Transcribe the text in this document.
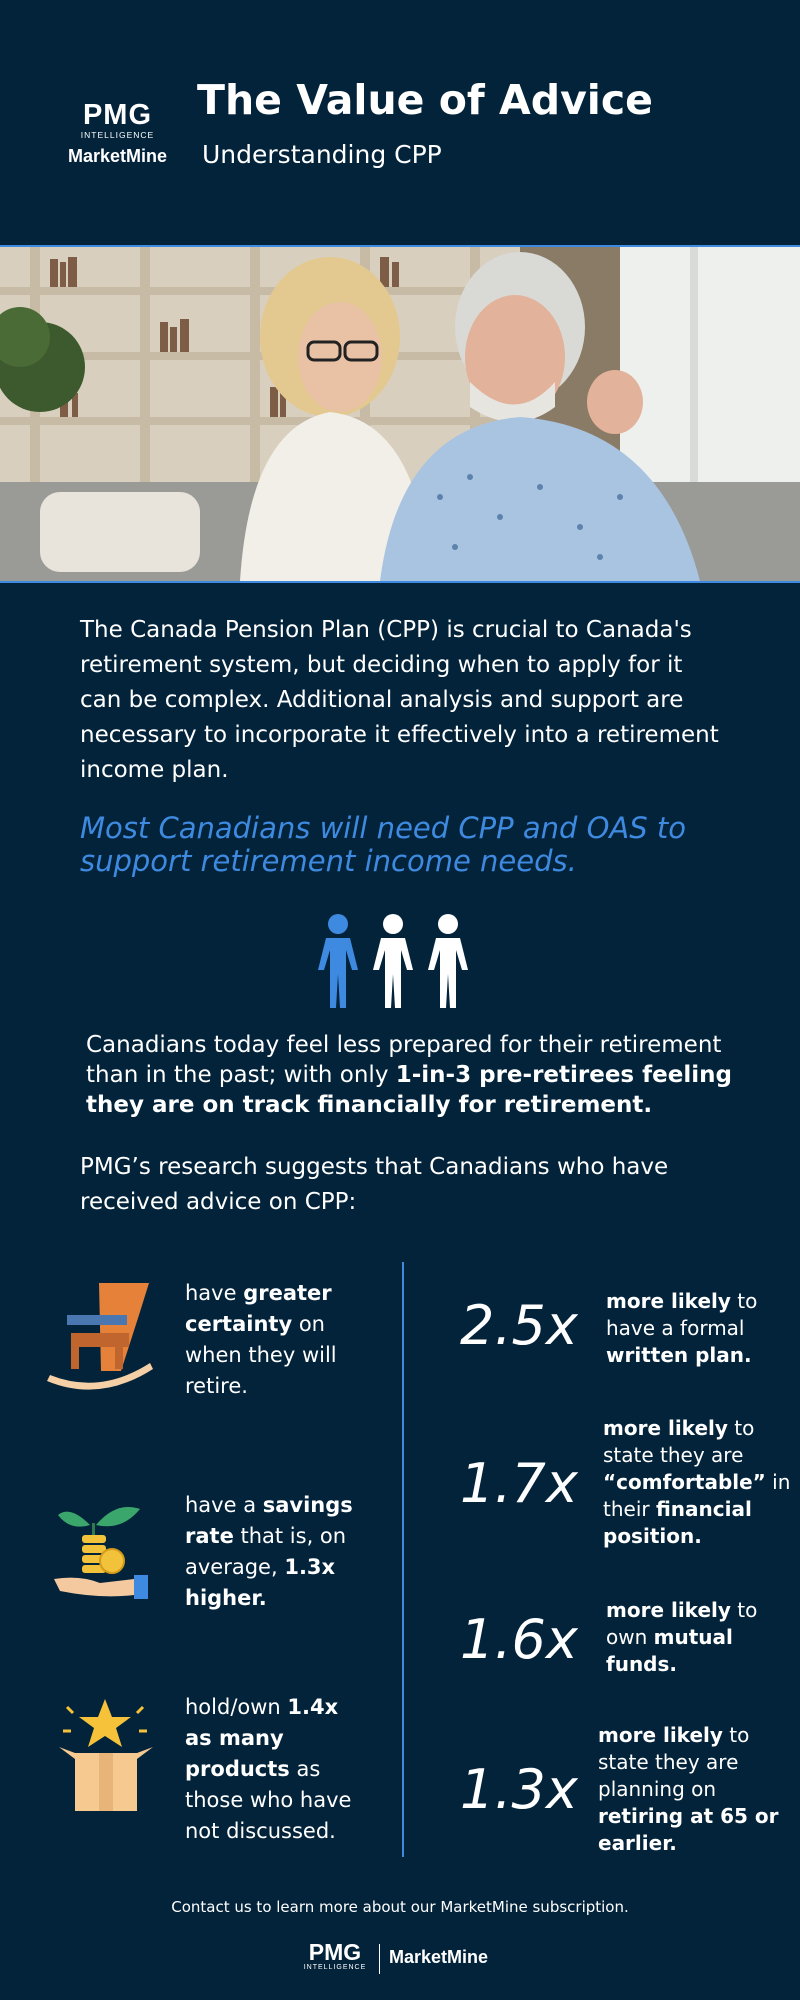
PMG
INTELLIGENCE
MarketMine
The Value of Advice
Understanding CPP

The Canada Pension Plan (CPP) is crucial to Canada's retirement system, but deciding when to apply for it can be complex. Additional analysis and support are necessary to incorporate it effectively into a retirement income plan.

Most Canadians will need CPP and OAS to support retirement income needs.

Canadians today feel less prepared for their retirement than in the past; with only 1-in-3 pre-retirees feeling they are on track financially for retirement.

PMG’s research suggests that Canadians who have received advice on CPP:

have greater certainty on when they will retire.

have a savings rate that is, on average, 1.3x higher.

hold/own 1.4x as many products as those who have not discussed.

2.5x more likely to have a formal written plan.

1.7x

more likely to state they are “comfortable” in their financial position.

1.6x more likely to own mutual funds.

1.3x

more likely to state they are planning on retiring at 65 or earlier.

Contact us to learn more about our MarketMine subscription.
PMG
INTELLIGENCE
MarketMine
